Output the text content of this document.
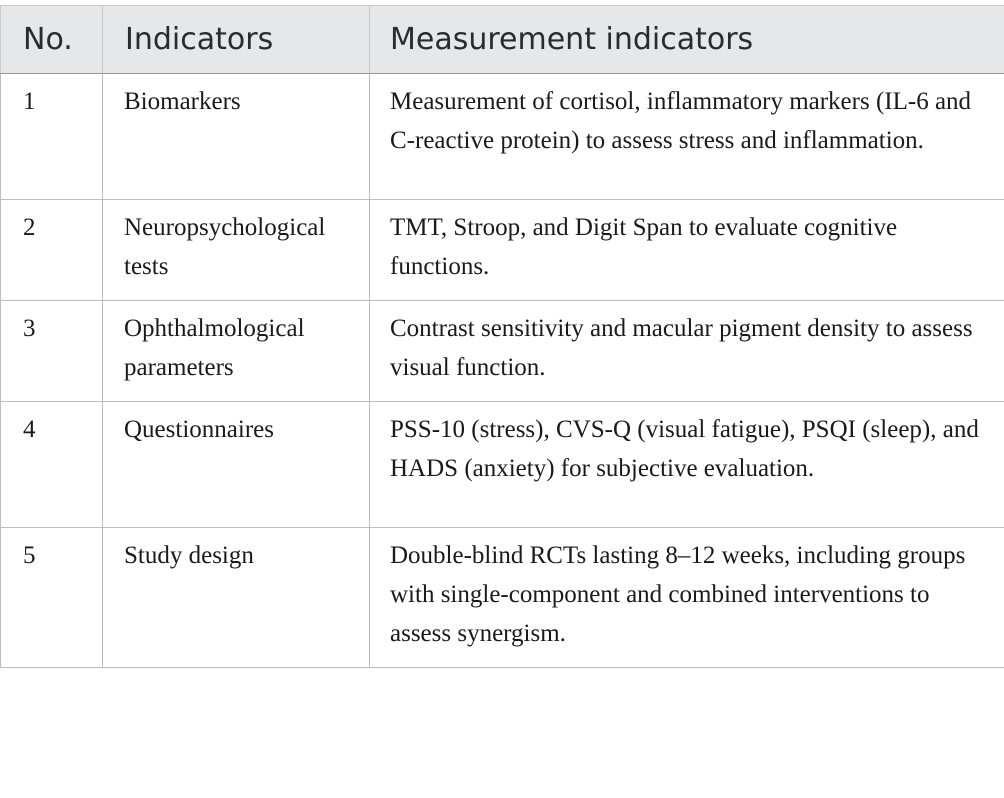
No.	Indicators	Measurement indicators
1	Biomarkers	Measurement of cortisol, inflammatory markers (IL-6 and C-reactive protein) to assess stress and inflammation.
2	Neuropsychological tests	TMT, Stroop, and Digit Span to evaluate cognitive functions.
3	Ophthalmological parameters	Contrast sensitivity and macular pigment density to assess visual function.
4	Questionnaires	PSS-10 (stress), CVS-Q (visual fatigue), PSQI (sleep), and HADS (anxiety) for subjective evaluation.
5	Study design	Double-blind RCTs lasting 8–12 weeks, including groups with single-component and combined interventions to assess synergism.
